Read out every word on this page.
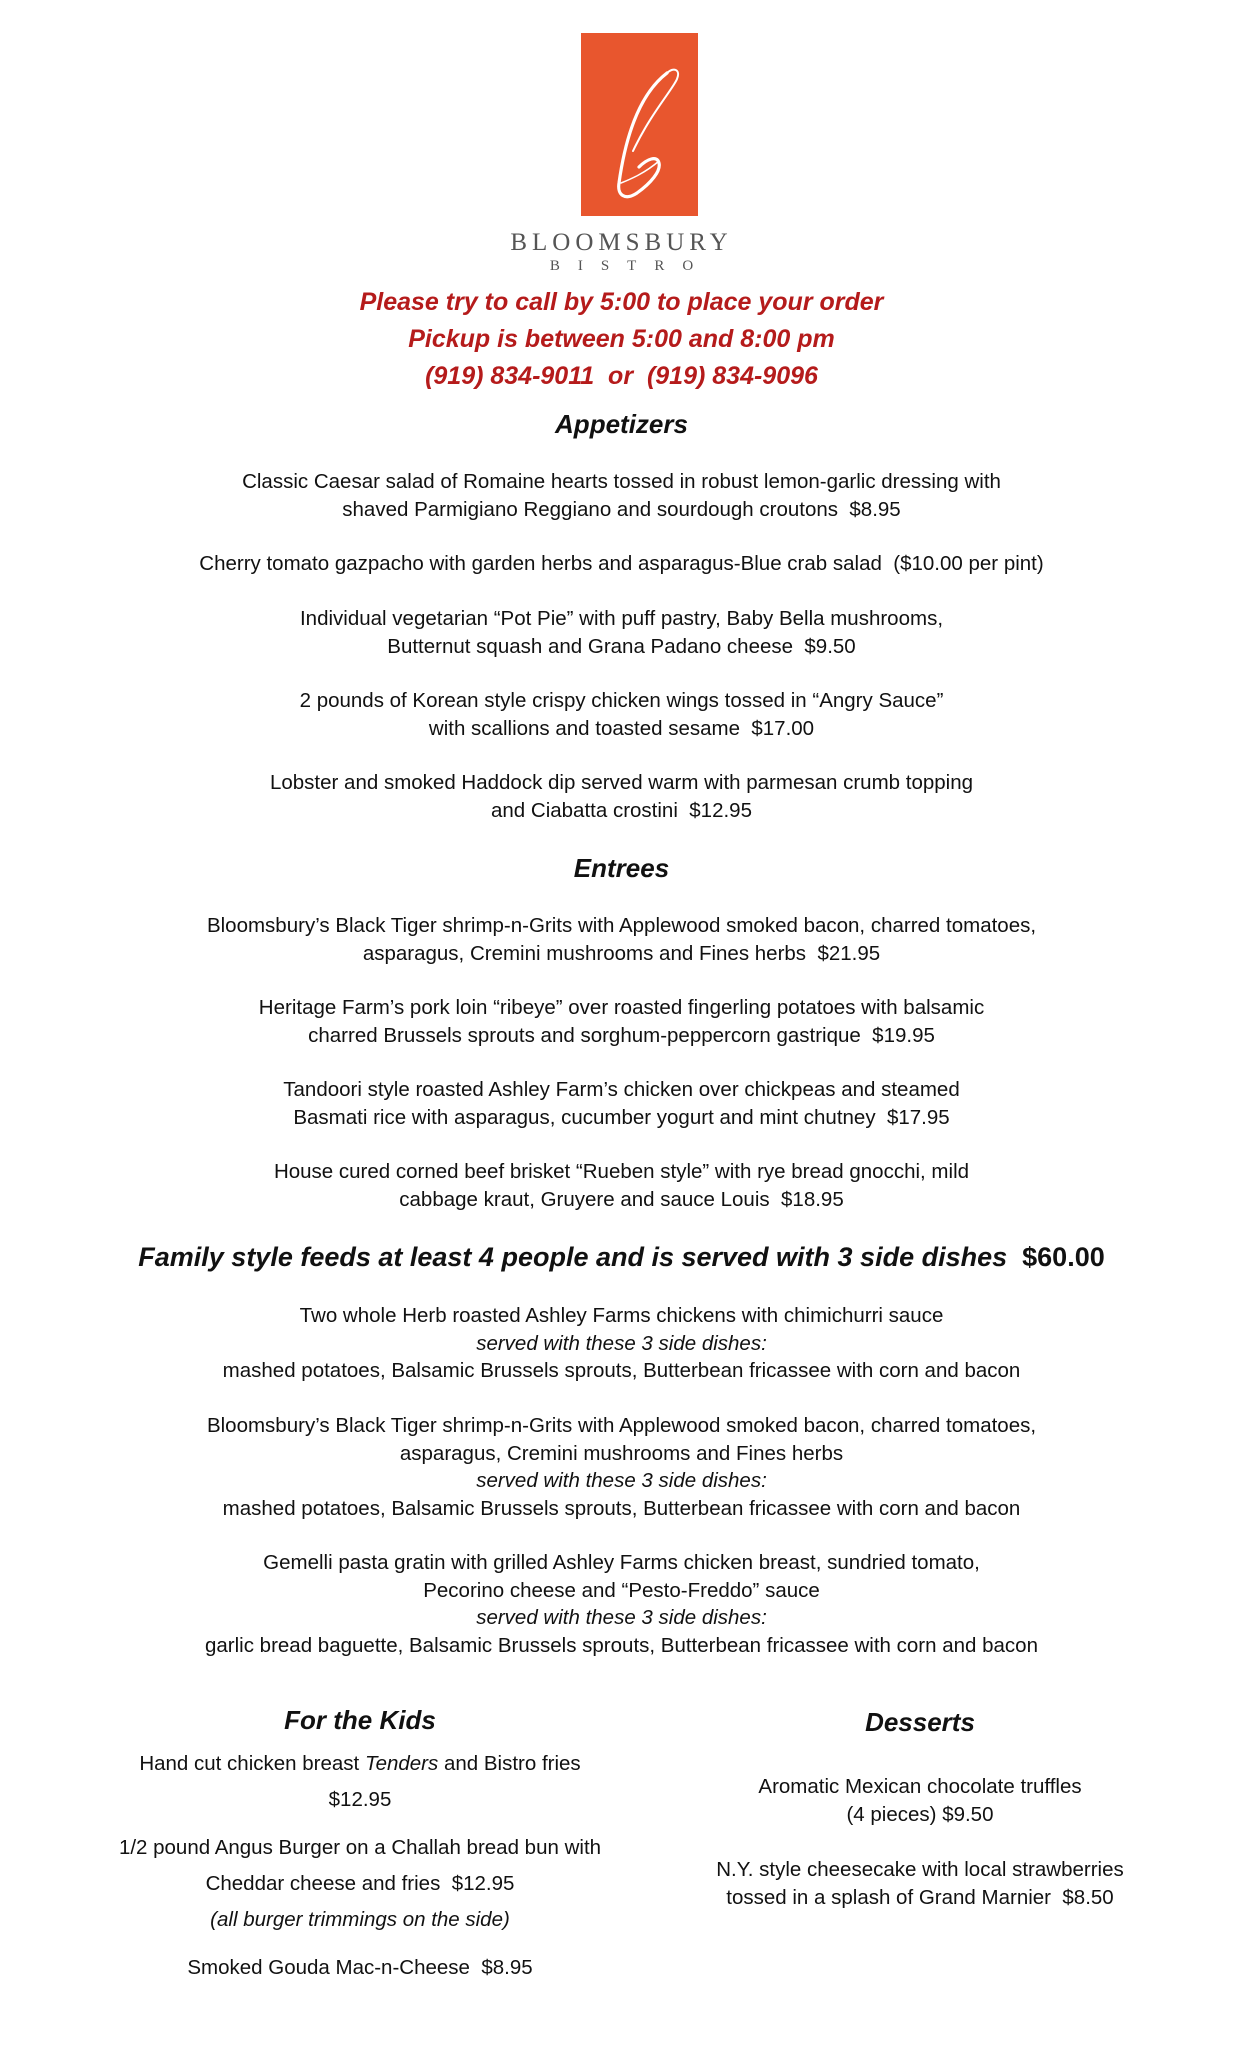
BLOOMSBURY
BISTRO
Please try to call by 5:00 to place your order
Pickup is between 5:00 and 8:00 pm
(919) 834-9011  or  (919) 834-9096
Appetizers
Classic Caesar salad of Romaine hearts tossed in robust lemon-garlic dressing with
shaved Parmigiano Reggiano and sourdough croutons  $8.95
Cherry tomato gazpacho with garden herbs and asparagus-Blue crab salad  ($10.00 per pint)
Individual vegetarian “Pot Pie” with puff pastry, Baby Bella mushrooms,
Butternut squash and Grana Padano cheese  $9.50
2 pounds of Korean style crispy chicken wings tossed in “Angry Sauce”
with scallions and toasted sesame  $17.00
Lobster and smoked Haddock dip served warm with parmesan crumb topping
and Ciabatta crostini  $12.95
Entrees
Bloomsbury’s Black Tiger shrimp-n-Grits with Applewood smoked bacon, charred tomatoes,
asparagus, Cremini mushrooms and Fines herbs  $21.95
Heritage Farm’s pork loin “ribeye” over roasted fingerling potatoes with balsamic
charred Brussels sprouts and sorghum-peppercorn gastrique  $19.95
Tandoori style roasted Ashley Farm’s chicken over chickpeas and steamed
Basmati rice with asparagus, cucumber yogurt and mint chutney  $17.95
House cured corned beef brisket “Rueben style” with rye bread gnocchi, mild
cabbage kraut, Gruyere and sauce Louis  $18.95
Family style feeds at least 4 people and is served with 3 side dishes $60.00
Two whole Herb roasted Ashley Farms chickens with chimichurri sauce
served with these 3 side dishes:
mashed potatoes, Balsamic Brussels sprouts, Butterbean fricassee with corn and bacon
Bloomsbury’s Black Tiger shrimp-n-Grits with Applewood smoked bacon, charred tomatoes,
asparagus, Cremini mushrooms and Fines herbs
served with these 3 side dishes:
mashed potatoes, Balsamic Brussels sprouts, Butterbean fricassee with corn and bacon
Gemelli pasta gratin with grilled Ashley Farms chicken breast, sundried tomato,
Pecorino cheese and “Pesto-Freddo” sauce
served with these 3 side dishes:
garlic bread baguette, Balsamic Brussels sprouts, Butterbean fricassee with corn and bacon
For the Kids
Hand cut chicken breast Tenders and Bistro fries
$12.95
1/2 pound Angus Burger on a Challah bread bun with
Cheddar cheese and fries  $12.95
(all burger trimmings on the side)
Smoked Gouda Mac-n-Cheese  $8.95
Desserts
Aromatic Mexican chocolate truffles
(4 pieces) $9.50
N.Y. style cheesecake with local strawberries
tossed in a splash of Grand Marnier  $8.50
